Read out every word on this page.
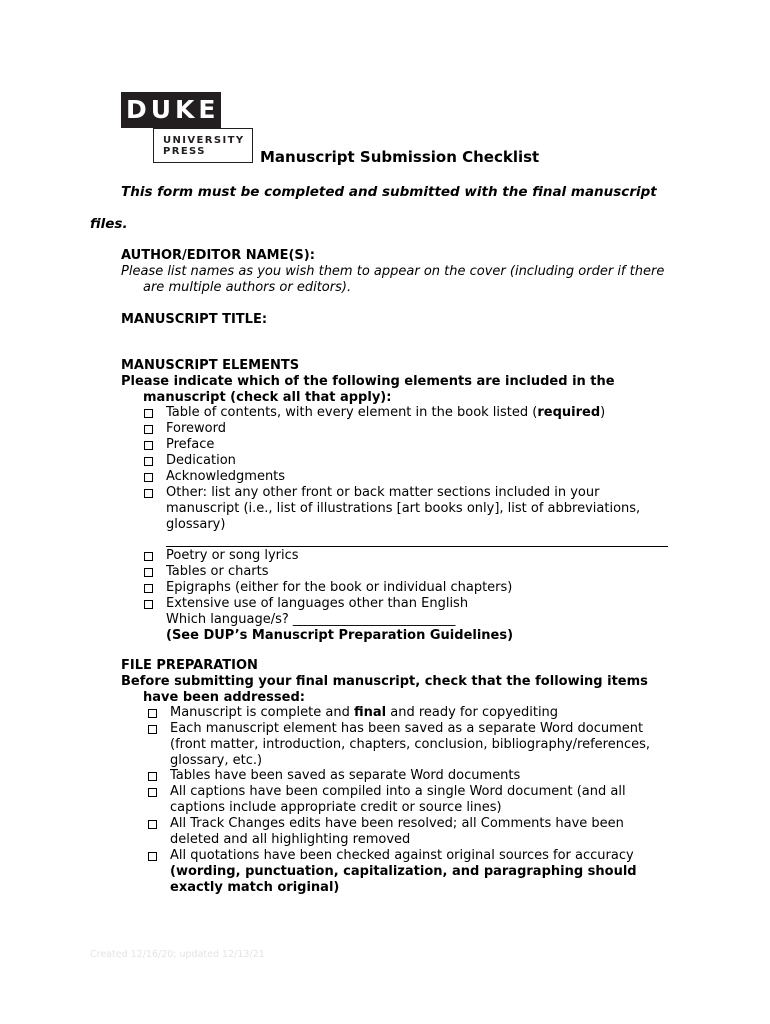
DUKE
UNIVERSITY
PRESS	Manuscript Submission Checklist
This form must be completed and submitted with the final manuscript
files.
AUTHOR/EDITOR NAME(S):
Please list names as you wish them to appear on the cover (including order if there
are multiple authors or editors).
MANUSCRIPT TITLE:
MANUSCRIPT ELEMENTS
Please indicate which of the following elements are included in the
manuscript (check all that apply):
Table of contents, with every element in the book listed (required)
Foreword
Preface
Dedication
Acknowledgments
Other: list any other front or back matter sections included in your
manuscript (i.e., list of illustrations [art books only], list of abbreviations,
glossary)
Poetry or song lyrics
Tables or charts
Epigraphs (either for the book or individual chapters)
Extensive use of languages other than English
Which language/s? _________________________
(See DUP’s Manuscript Preparation Guidelines)
FILE PREPARATION
Before submitting your final manuscript, check that the following items
have been addressed:
Manuscript is complete and final and ready for copyediting
Each manuscript element has been saved as a separate Word document
(front matter, introduction, chapters, conclusion, bibliography/references,
glossary, etc.)
Tables have been saved as separate Word documents
All captions have been compiled into a single Word document (and all
captions include appropriate credit or source lines)
All Track Changes edits have been resolved; all Comments have been
deleted and all highlighting removed
All quotations have been checked against original sources for accuracy
(wording, punctuation, capitalization, and paragraphing should
exactly match original)
Created 12/16/20; updated 12/13/21
